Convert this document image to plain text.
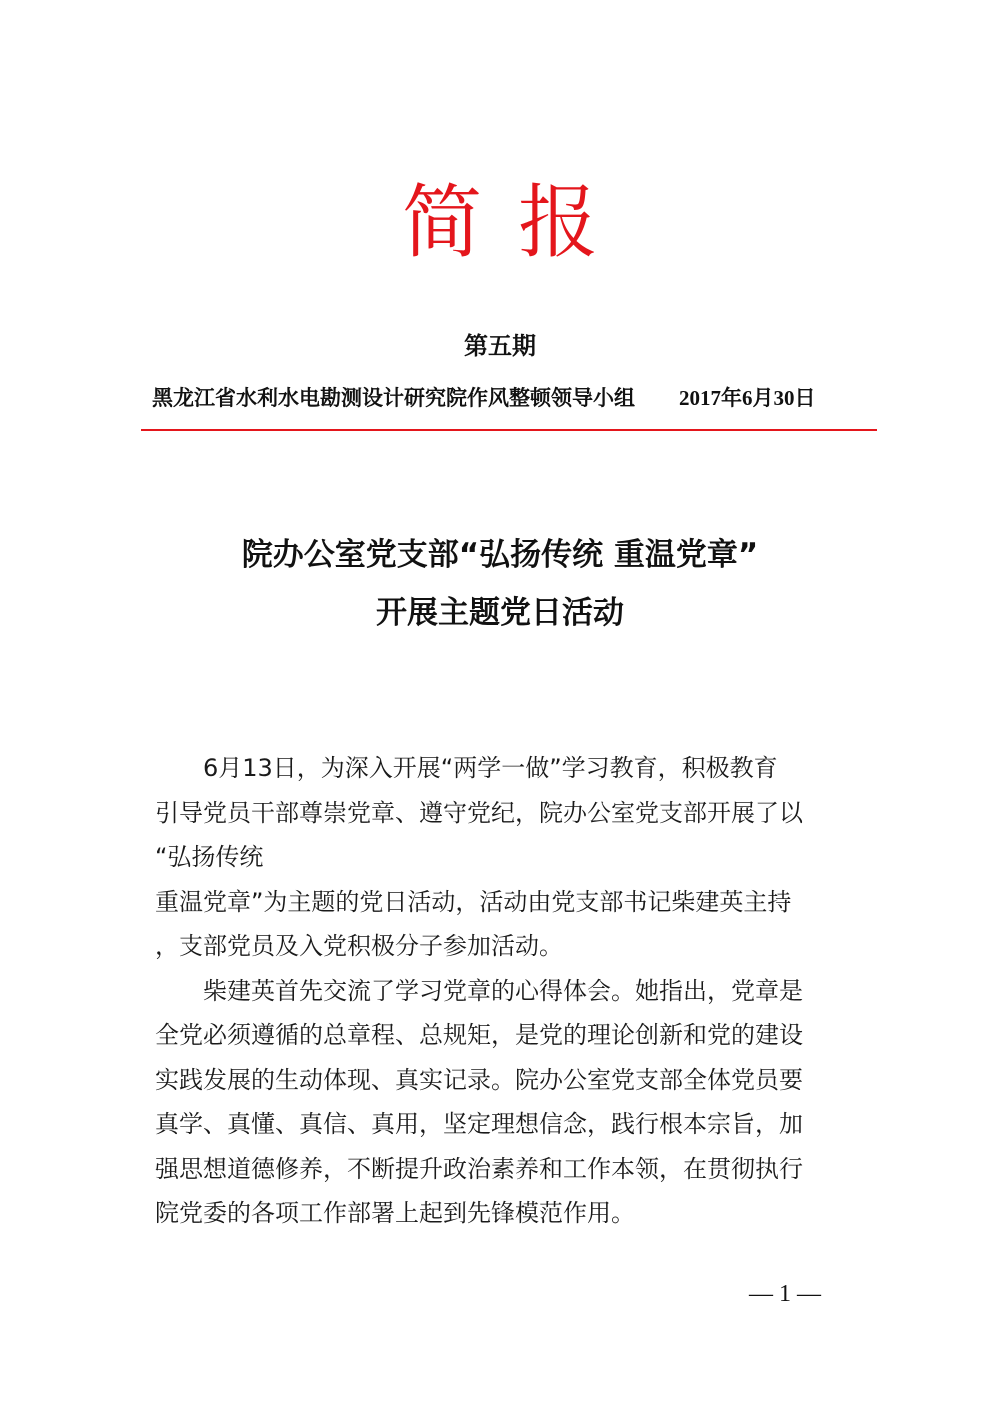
简报
第五期
黑龙江省水利水电勘测设计研究院作风整顿领导小组 2017年6月30日
院办公室党支部“弘扬传统 重温党章”
开展主题党日活动

6月13日，为深入开展“两学一做”学习教育，积极教育
引导党员干部尊崇党章、遵守党纪，院办公室党支部开展了以
“弘扬传统
重温党章”为主题的党日活动，活动由党支部书记柴建英主持
，支部党员及入党积极分子参加活动。

柴建英首先交流了学习党章的心得体会。她指出，党章是
全党必须遵循的总章程、总规矩，是党的理论创新和党的建设
实践发展的生动体现、真实记录。院办公室党支部全体党员要
真学、真懂、真信、真用，坚定理想信念，践行根本宗旨，加
强思想道德修养，不断提升政治素养和工作本领，在贯彻执行
院党委的各项工作部署上起到先锋模范作用。

— 1 —
